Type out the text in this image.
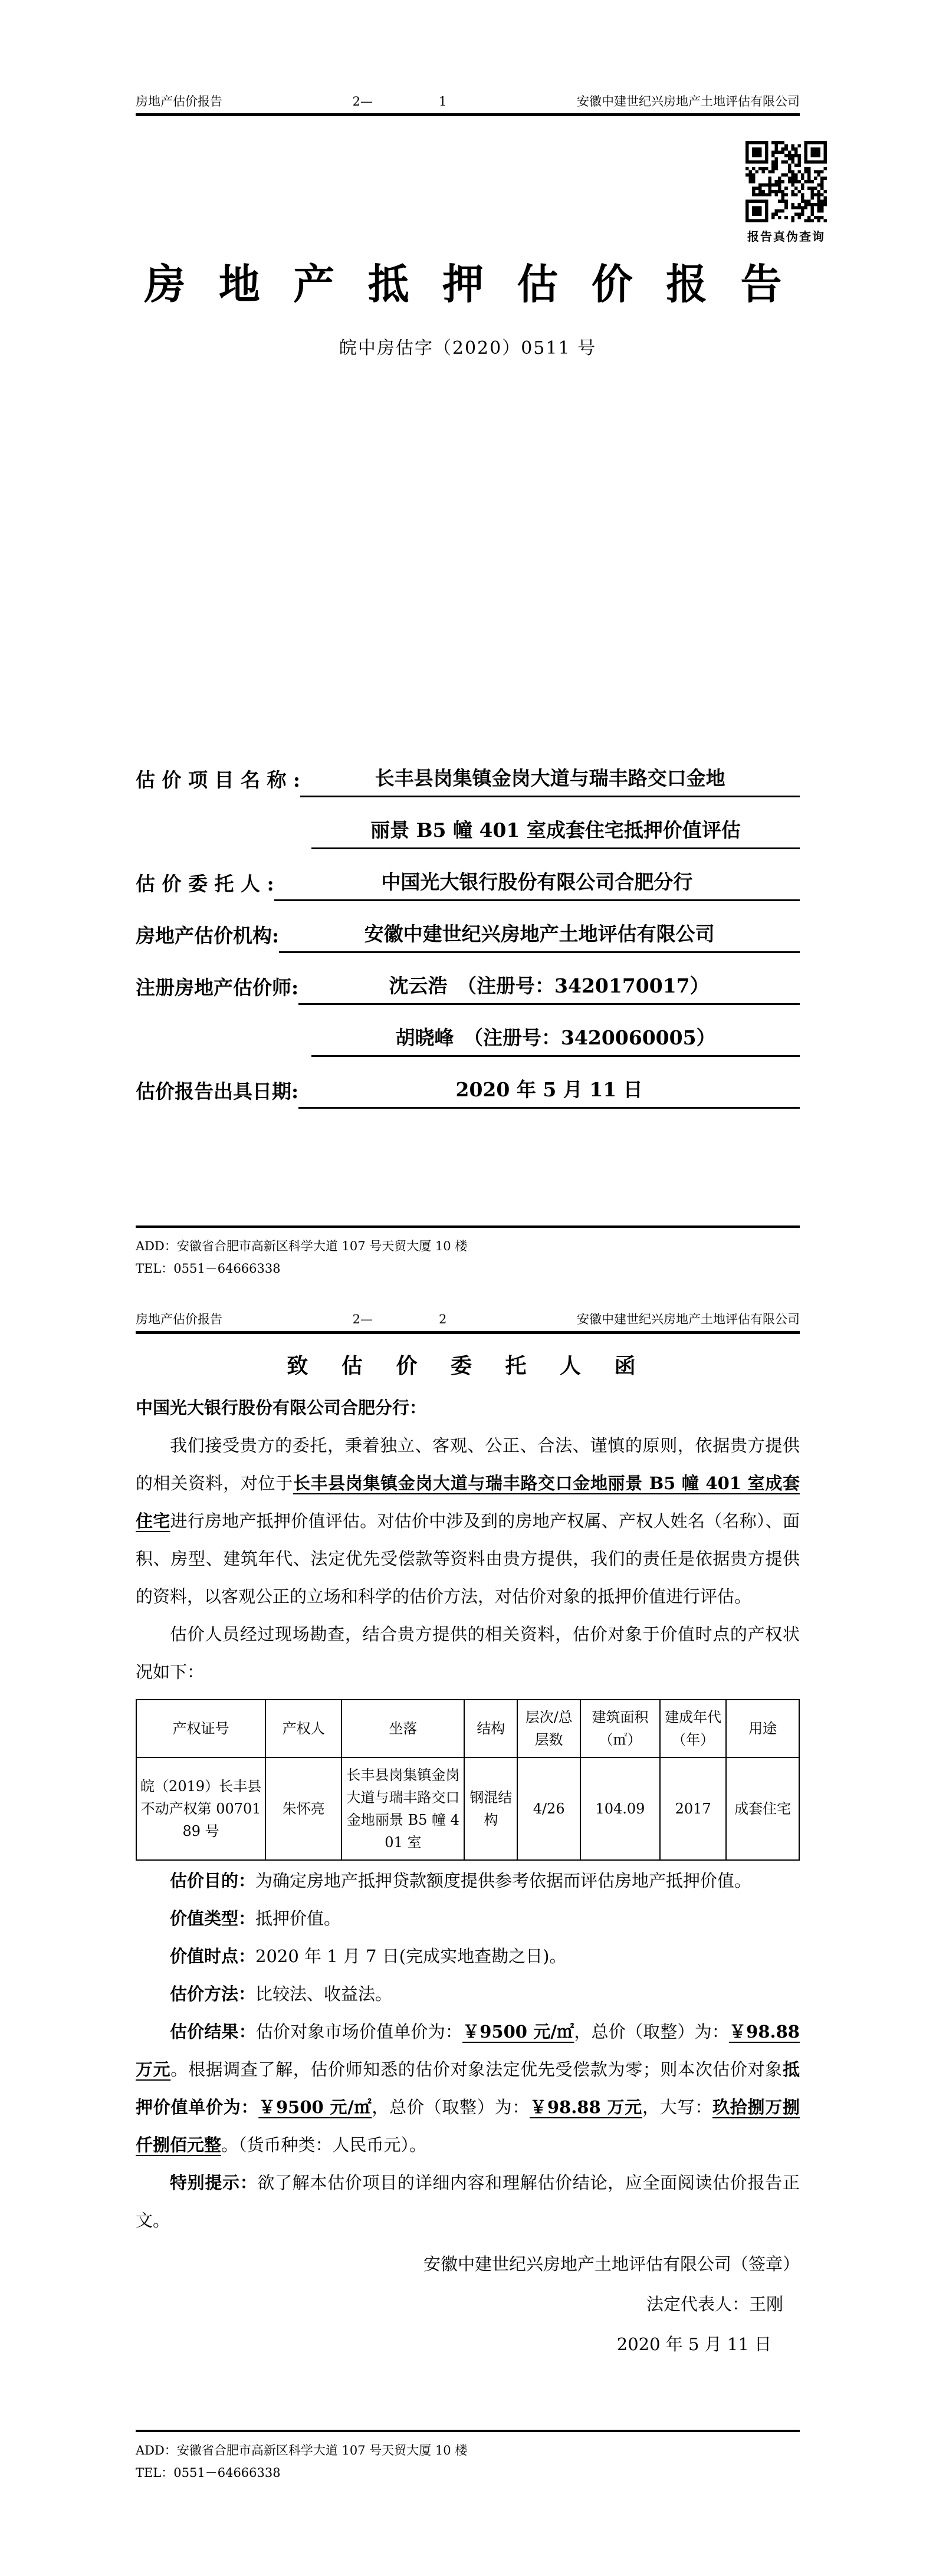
房地产估价报告	2—	1	安徽中建世纪兴房地产土地评估有限公司
报告真伪查询
房 地 产 抵 押 估 价 报 告
皖中房估字（2020）0511 号
估 价 项 目 名 称 :	长丰县岗集镇金岗大道与瑞丰路交口金地
丽景 B5 幢 401 室成套住宅抵押价值评估
估 价 委 托 人 :	中国光大银行股份有限公司合肥分行
房地产估价机构:	安徽中建世纪兴房地产土地评估有限公司
注册房地产估价师:	沈云浩　（注册号：3420170017）
胡晓峰　（注册号：3420060005）
估价报告出具日期:	2020 年 5 月 11 日
ADD：安徽省合肥市高新区科学大道 107 号天贸大厦 10 楼
TEL：0551－64666338
房地产估价报告	2—	2	安徽中建世纪兴房地产土地评估有限公司
致 估 价 委 托 人 函
中国光大银行股份有限公司合肥分行：
我们接受贵方的委托，秉着独立、客观、公正、合法、谨慎的原则，依据贵方提供的相关资料，对位于长丰县岗集镇金岗大道与瑞丰路交口金地丽景 B5 幢 401 室成套住宅进行房地产抵押价值评估。对估价中涉及到的房地产权属、产权人姓名（名称）、面积、房型、建筑年代、法定优先受偿款等资料由贵方提供，我们的责任是依据贵方提供的资料，以客观公正的立场和科学的估价方法，对估价对象的抵押价值进行评估。
估价人员经过现场勘查，结合贵方提供的相关资料，估价对象于价值时点的产权状况如下：
产权证号	产权人	坐落	结构	层次/总层数	建筑面积（㎡）	建成年代（年）	用途
皖（2019）长丰县不动产权第 0070189 号	朱怀亮	长丰县岗集镇金岗大道与瑞丰路交口金地丽景 B5 幢 401 室	钢混结构	4/26	104.09	2017	成套住宅
估价目的：为确定房地产抵押贷款额度提供参考依据而评估房地产抵押价值。
价值类型：抵押价值。
价值时点：2020 年 1 月 7 日(完成实地查勘之日)。
估价方法：比较法、收益法。
估价结果：估价对象市场价值单价为：￥9500 元/㎡，总价（取整）为：￥98.88 万元。根据调查了解，估价师知悉的估价对象法定优先受偿款为零；则本次估价对象抵押价值单价为：￥9500 元/㎡，总价（取整）为：￥98.88 万元，大写：玖拾捌万捌仟捌佰元整。（货币种类：人民币元）。
特别提示：欲了解本估价项目的详细内容和理解估价结论，应全面阅读估价报告正文。
安徽中建世纪兴房地产土地评估有限公司（签章）
法定代表人：王刚
2020 年 5 月 11 日
ADD：安徽省合肥市高新区科学大道 107 号天贸大厦 10 楼
TEL：0551－64666338
